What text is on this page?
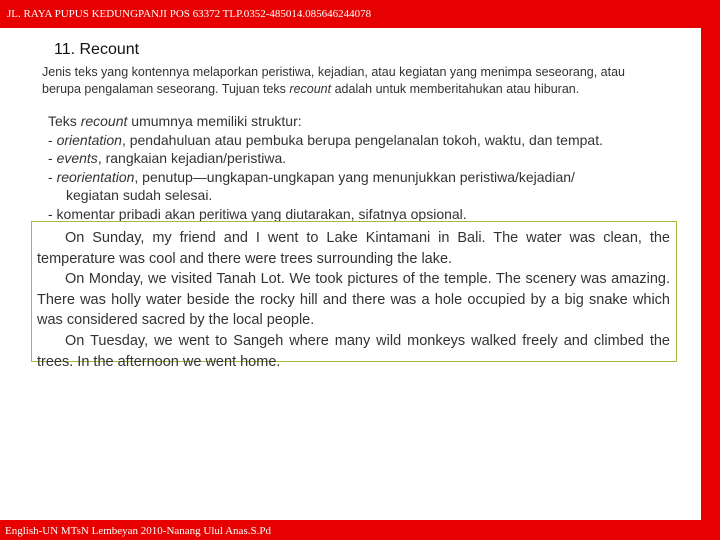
JL. RAYA PUPUS KEDUNGPANJI POS 63372 TLP.0352-485014.085646244078
11. Recount
Jenis teks yang kontennya melaporkan peristiwa, kejadian, atau kegiatan yang menimpa seseorang, atau
berupa pengalaman seseorang. Tujuan teks recount adalah untuk memberitahukan atau hiburan.
Teks recount umumnya memiliki struktur:
- orientation, pendahuluan atau pembuka berupa pengelanalan tokoh, waktu, dan tempat.
- events, rangkaian kejadian/peristiwa.
- reorientation, penutup—ungkapan-ungkapan yang menunjukkan peristiwa/kejadian/
kegiatan sudah selesai.
- komentar pribadi akan peritiwa yang diutarakan, sifatnya opsional.

On Sunday, my friend and I went to Lake Kintamani in Bali. The water was clean, the temperature was cool and there were trees surrounding the lake.

On Monday, we visited Tanah Lot. We took pictures of the temple. The scenery was amazing. There was holly water beside the rocky hill and there was a hole occupied by a big snake which was considered sacred by the local people.

On Tuesday, we went to Sangeh where many wild monkeys walked freely and climbed the trees. In the afternoon we went home.

English-UN MTsN Lembeyan 2010-Nanang Ulul Anas.S.Pd
